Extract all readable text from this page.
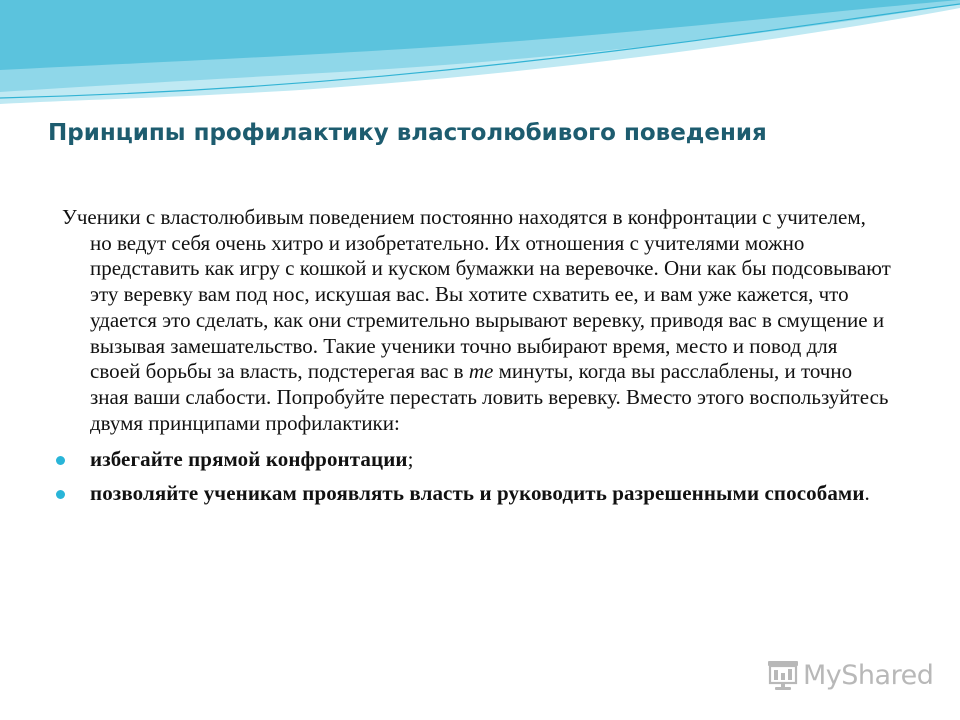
Принципы профилактику властолюбивого поведения

Ученики с властолюбивым поведением постоянно находятся в конфронтации с учителем, но ведут себя очень хитро и изобретательно. Их отношения с учителями можно представить как игру с кошкой и куском бумажки на веревочке. Они как бы подсовывают эту веревку вам под нос, искушая вас. Вы хотите схватить ее, и вам уже кажется, что удается это сделать, как они стремительно вырывают веревку, приводя вас в смущение и вызывая замешательство. Такие ученики точно выбирают время, место и повод для своей борьбы за власть, подстерегая вас в те минуты, когда вы расслаблены, и точно зная ваши слабости. Попробуйте перестать ловить веревку. Вместо этого воспользуйтесь двумя принципами профилактики:

избегайте прямой конфронтации;
позволяйте ученикам проявлять власть и руководить разрешенными способами.
MyShared
